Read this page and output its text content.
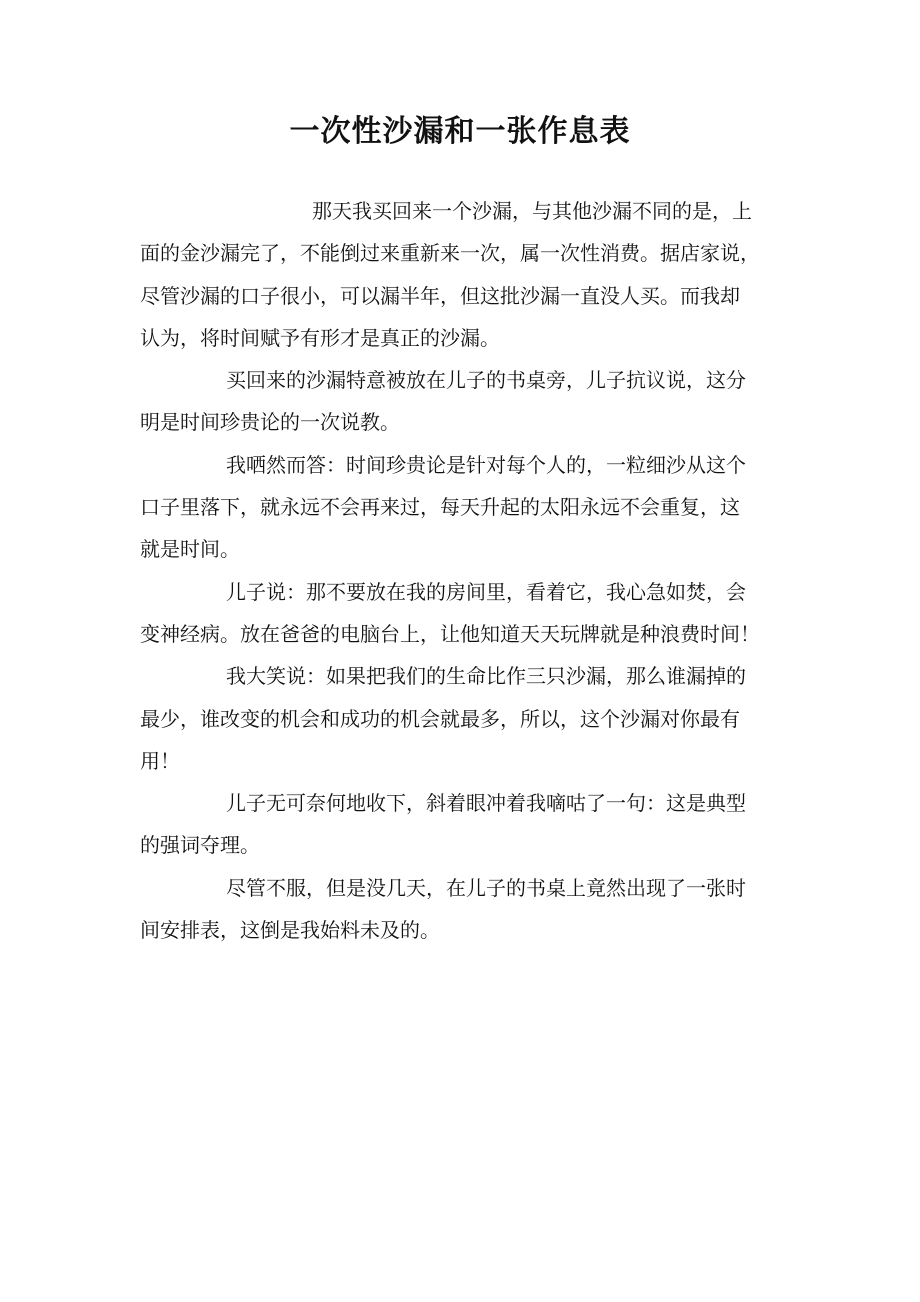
一次性沙漏和一张作息表

那天我买回来一个沙漏，与其他沙漏不同的是，上
面的金沙漏完了，不能倒过来重新来一次，属一次性消费。据店家说，
尽管沙漏的口子很小，可以漏半年，但这批沙漏一直没人买。而我却
认为，将时间赋予有形才是真正的沙漏。

买回来的沙漏特意被放在儿子的书桌旁，儿子抗议说，这分
明是时间珍贵论的一次说教。

我哂然而答：时间珍贵论是针对每个人的，一粒细沙从这个
口子里落下，就永远不会再来过，每天升起的太阳永远不会重复，这
就是时间。

儿子说：那不要放在我的房间里，看着它，我心急如焚，会
变神经病。放在爸爸的电脑台上，让他知道天天玩牌就是种浪费时间！

我大笑说：如果把我们的生命比作三只沙漏，那么谁漏掉的
最少，谁改变的机会和成功的机会就最多，所以，这个沙漏对你最有
用！

儿子无可奈何地收下，斜着眼冲着我嘀咕了一句：这是典型
的强词夺理。

尽管不服，但是没几天，在儿子的书桌上竟然出现了一张时
间安排表，这倒是我始料未及的。
